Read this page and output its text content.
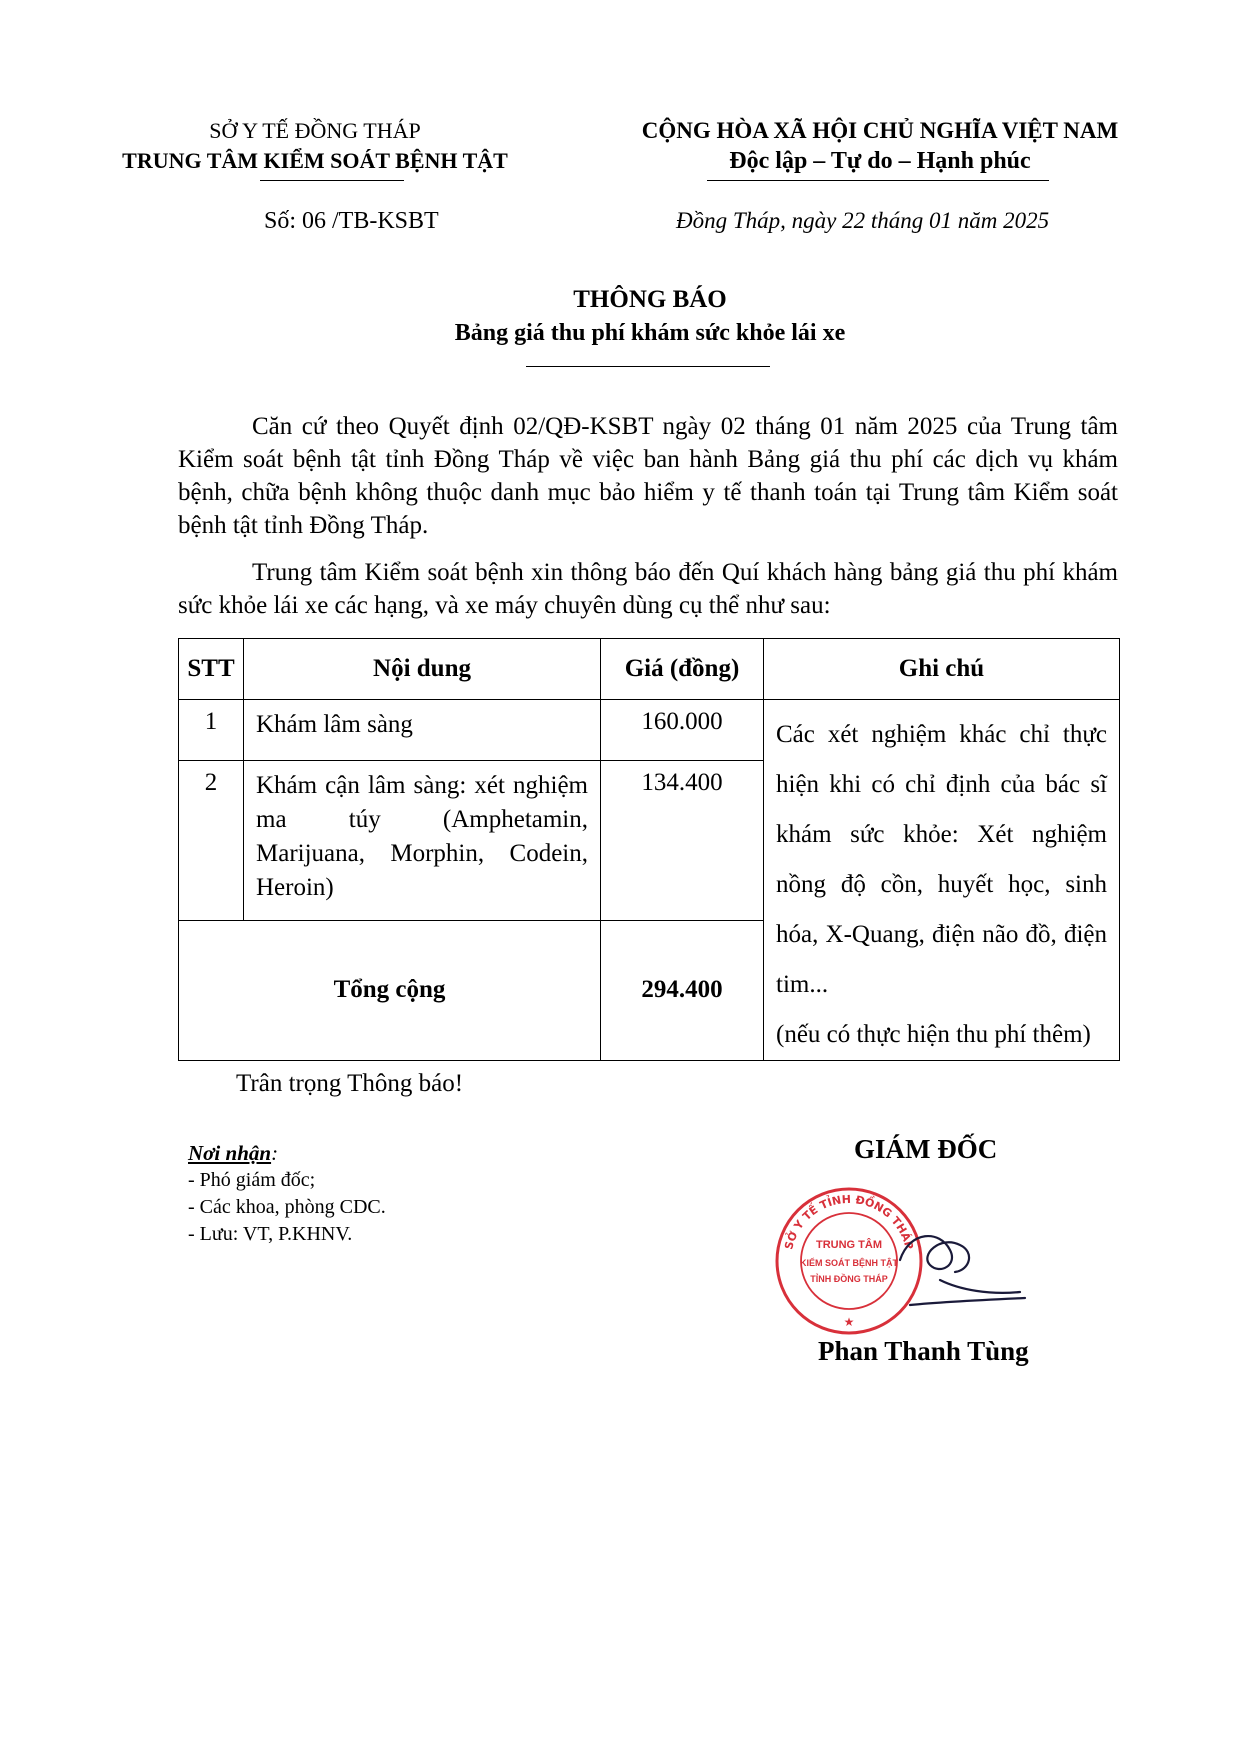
SỞ Y TẾ ĐỒNG THÁP
TRUNG TÂM KIỂM SOÁT BỆNH TẬT
CỘNG HÒA XÃ HỘI CHỦ NGHĨA VIỆT NAM
Độc lập – Tự do – Hạnh phúc
Số: 06 /TB-KSBT	Đồng Tháp, ngày 22 tháng 01 năm 2025
THÔNG BÁO
Bảng giá thu phí khám sức khỏe lái xe
Căn cứ theo Quyết định 02/QĐ-KSBT ngày 02 tháng 01 năm 2025 của Trung tâm Kiểm soát bệnh tật tỉnh Đồng Tháp về việc ban hành Bảng giá thu phí các dịch vụ khám bệnh, chữa bệnh không thuộc danh mục bảo hiểm y tế thanh toán tại Trung tâm Kiểm soát bệnh tật tỉnh Đồng Tháp.
Trung tâm Kiểm soát bệnh xin thông báo đến Quí khách hàng bảng giá thu phí khám sức khỏe lái xe các hạng, và xe máy chuyên dùng cụ thể như sau:
STT	Nội dung	Giá (đồng)	Ghi chú
1	Khám lâm sàng	160.000	Các xét nghiệm khác chỉ thực hiện khi có chỉ định của bác sĩ khám sức khỏe: Xét nghiệm nồng độ cồn, huyết học, sinh hóa, X-Quang, điện não đồ, điện tim...
(nếu có thực hiện thu phí thêm)

2	Khám cận lâm sàng: xét nghiệm ma túy (Amphetamin, Marijuana, Morphin, Codein, Heroin)	134.400	
Tổng cộng		294.400	
Trân trọng Thông báo!
Nơi nhận:
- Phó giám đốc;
- Các khoa, phòng CDC.
- Lưu: VT, P.KHNV.
GIÁM ĐỐC
SỞ Y TẾ TỈNH ĐỒNG THÁP
★
TRUNG TÂM
KIỂM SOÁT BỆNH TẬT
TỈNH ĐỒNG THÁP
Phan Thanh Tùng
